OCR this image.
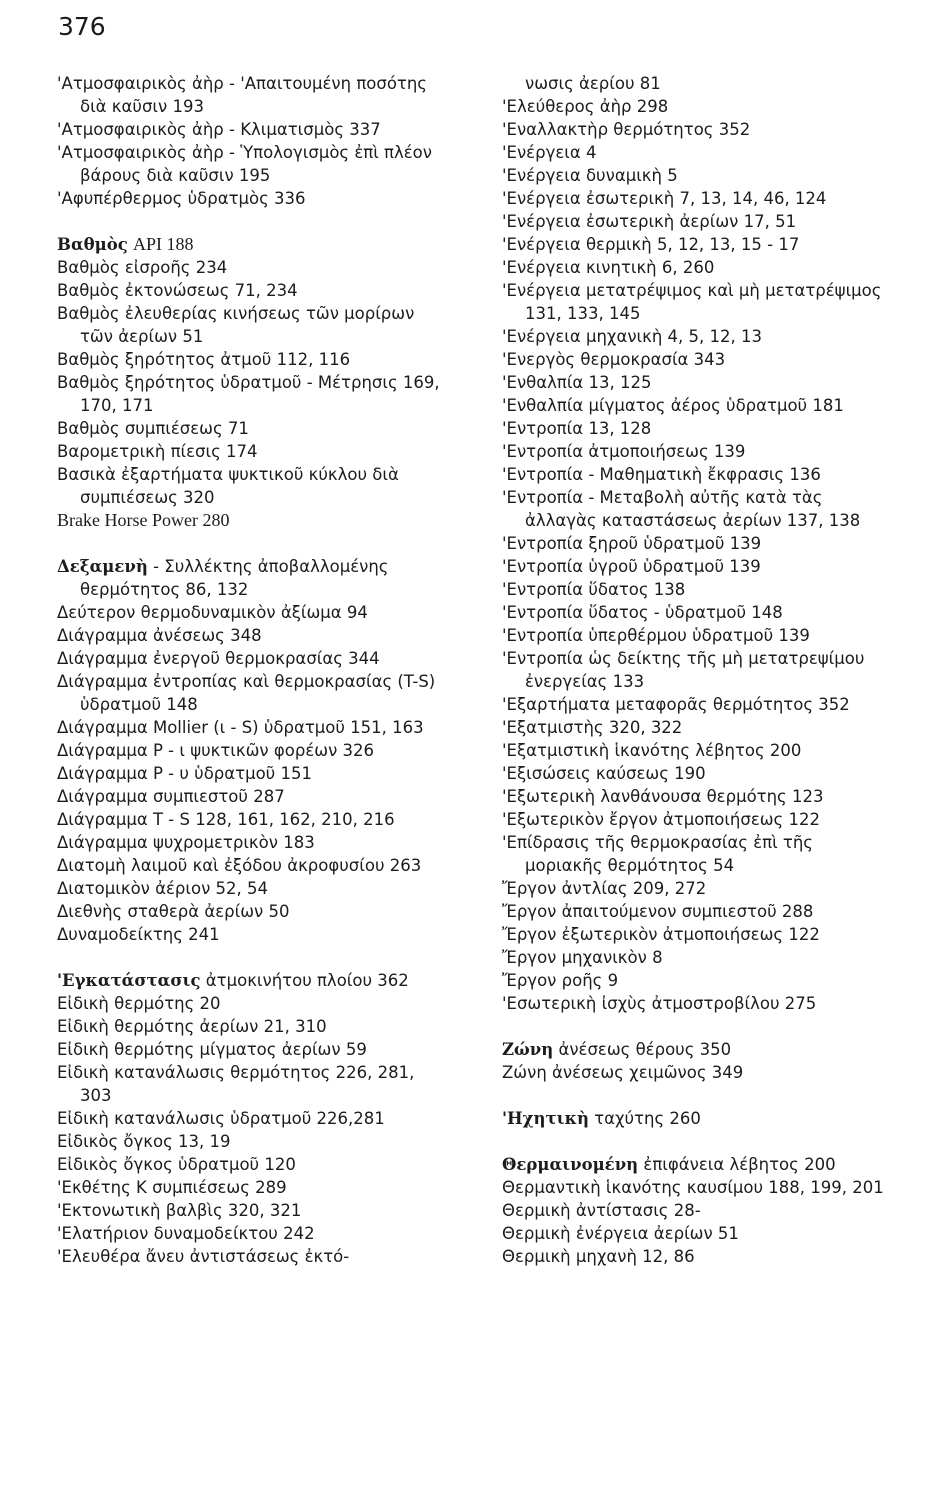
376
'Ατμοσφαιρικὸς ἀὴρ - 'Απαιτουμένη ποσότης διὰ καῦσιν 193
'Ατμοσφαιρικὸς ἀὴρ - Κλιματισμὸς 337
'Ατμοσφαιρικὸς ἀὴρ - Ὑπολογισμὸς ἐπὶ πλέον βάρους διὰ καῦσιν 195
'Αφυπέρθερμος ὑδρατμὸς 336
Βαθμὸς API 188
Βαθμὸς εἰσροῆς 234
Βαθμὸς ἐκτονώσεως 71, 234
Βαθμὸς ἐλευθερίας κινήσεως τῶν μορίρων τῶν ἀερίων 51
Βαθμὸς ξηρότητος ἀτμοῦ 112, 116
Βαθμὸς ξηρότητος ὑδρατμοῦ - Μέτρησις 169, 170, 171
Βαθμὸς συμπιέσεως 71
Βαρομετρικὴ πίεσις 174
Βασικὰ ἐξαρτήματα ψυκτικοῦ κύκλου διὰ συμπιέσεως 320
Brake Horse Power 280
Δεξαμενὴ - Συλλέκτης ἀποβαλλομένης θερμότητος 86, 132
Δεύτερον θερμοδυναμικὸν ἀξίωμα 94
Διάγραμμα ἀνέσεως 348
Διάγραμμα ἐνεργοῦ θερμοκρασίας 344
Διάγραμμα ἐντροπίας καὶ θερμοκρασίας (T-S) ὑδρατμοῦ 148
Διάγραμμα Mollier (ι - S) ὑδρατμοῦ 151, 163
Διάγραμμα P - ι ψυκτικῶν φορέων 326
Διάγραμμα P - υ ὑδρατμοῦ 151
Διάγραμμα συμπιεστοῦ 287
Διάγραμμα T - S 128, 161, 162, 210, 216
Διάγραμμα ψυχρομετρικὸν 183
Διατομὴ λαιμοῦ καὶ ἐξόδου ἀκροφυσίου 263
Διατομικὸν ἀέριον 52, 54
Διεθνὴς σταθερὰ ἀερίων 50
Δυναμοδείκτης 241
'Εγκατάστασις ἀτμοκινήτου πλοίου 362
Εἰδικὴ θερμότης 20
Εἰδικὴ θερμότης ἀερίων 21, 310
Εἰδικὴ θερμότης μίγματος ἀερίων 59
Εἰδικὴ κατανάλωσις θερμότητος 226, 281, 303
Εἰδικὴ κατανάλωσις ὑδρατμοῦ 226,281
Εἰδικὸς ὄγκος 13, 19
Εἰδικὸς ὄγκος ὑδρατμοῦ 120
'Εκθέτης K συμπιέσεως 289
'Εκτονωτικὴ βαλβὶς 320, 321
'Ελατήριον δυναμοδείκτου 242
'Ελευθέρα ἄνευ ἀντιστάσεως ἐκτό-
νωσις ἀερίου 81
'Ελεύθερος ἀὴρ 298
'Εναλλακτὴρ θερμότητος 352
'Ενέργεια 4
'Ενέργεια δυναμικὴ 5
'Ενέργεια ἐσωτερικὴ 7, 13, 14, 46, 124
'Ενέργεια ἐσωτερικὴ ἀερίων 17, 51
'Ενέργεια θερμικὴ 5, 12, 13, 15 - 17
'Ενέργεια κινητικὴ 6, 260
'Ενέργεια μετατρέψιμος καὶ μὴ μετατρέψιμος 131, 133, 145
'Ενέργεια μηχανικὴ 4, 5, 12, 13
'Ενεργὸς θερμοκρασία 343
'Ενθαλπία 13, 125
'Ενθαλπία μίγματος ἀέρος ὑδρατμοῦ 181
'Εντροπία 13, 128
'Εντροπία ἀτμοποιήσεως 139
'Εντροπία - Μαθηματικὴ ἔκφρασις 136
'Εντροπία - Μεταβολὴ αὐτῆς κατὰ τὰς ἀλλαγὰς καταστάσεως ἀερίων 137, 138
'Εντροπία ξηροῦ ὑδρατμοῦ 139
'Εντροπία ὑγροῦ ὑδρατμοῦ 139
'Εντροπία ὕδατος 138
'Εντροπία ὕδατος - ὑδρατμοῦ 148
'Εντροπία ὑπερθέρμου ὑδρατμοῦ 139
'Εντροπία ὡς δείκτης τῆς μὴ μετατρεψίμου ἐνεργείας 133
'Εξαρτήματα μεταφορᾶς θερμότητος 352
'Εξατμιστὴς 320, 322
'Εξατμιστικὴ ἱκανότης λέβητος 200
'Εξισώσεις καύσεως 190
'Εξωτερικὴ λανθάνουσα θερμότης 123
'Εξωτερικὸν ἔργον ἀτμοποιήσεως 122
'Επίδρασις τῆς θερμοκρασίας ἐπὶ τῆς μοριακῆς θερμότητος 54
Ἔργον ἀντλίας 209, 272
Ἔργον ἀπαιτούμενον συμπιεστοῦ 288
Ἔργον ἐξωτερικὸν ἀτμοποιήσεως 122
Ἔργον μηχανικὸν 8
Ἔργον ροῆς 9
'Εσωτερικὴ ἰσχὺς ἀτμοστροβίλου 275
Ζώνη ἀνέσεως θέρους 350
Ζώνη ἀνέσεως χειμῶνος 349
'Ηχητικὴ ταχύτης 260
Θερμαινομένη ἐπιφάνεια λέβητος 200
Θερμαντικὴ ἱκανότης καυσίμου 188, 199, 201
Θερμικὴ ἀντίστασις 28-
Θερμικὴ ἐνέργεια ἀερίων 51
Θερμικὴ μηχανὴ 12, 86
